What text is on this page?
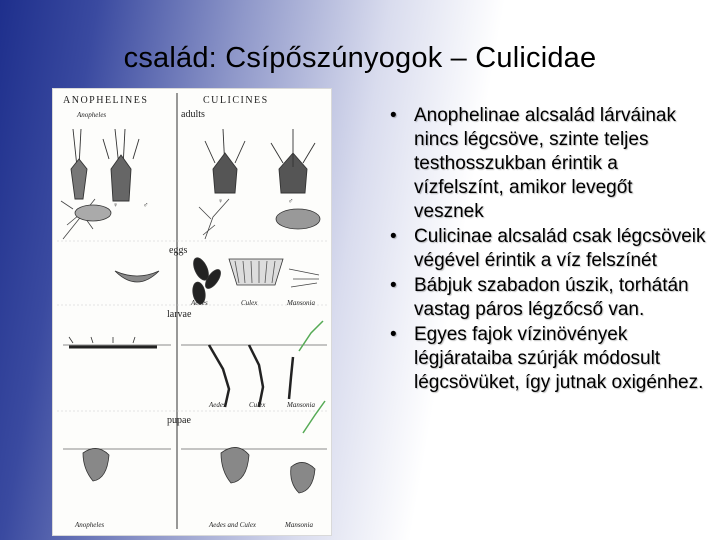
család: Csípőszúnyogok – Culicidae
ANOPHELINES	CULICINES
Anopheles	adults
♀	♂	♀	♂
eggs
Aedes	Culex	Mansonia
larvae
Aedes	Culex	Mansonia
pupae
Anopheles	Aedes and Culex	Mansonia
• Anophelinae alcsalád lárváinak nincs légcsöve, szinte teljes testhosszukban érintik a vízfelszínt, amikor levegőt vesznek
• Culicinae alcsalád csak légcsöveik végével érintik a víz felszínét
• Bábjuk szabadon úszik, torhátán vastag páros légzőcső van.
• Egyes fajok vízinövények légjárataiba szúrják módosult légcsövüket, így jutnak oxigénhez.
